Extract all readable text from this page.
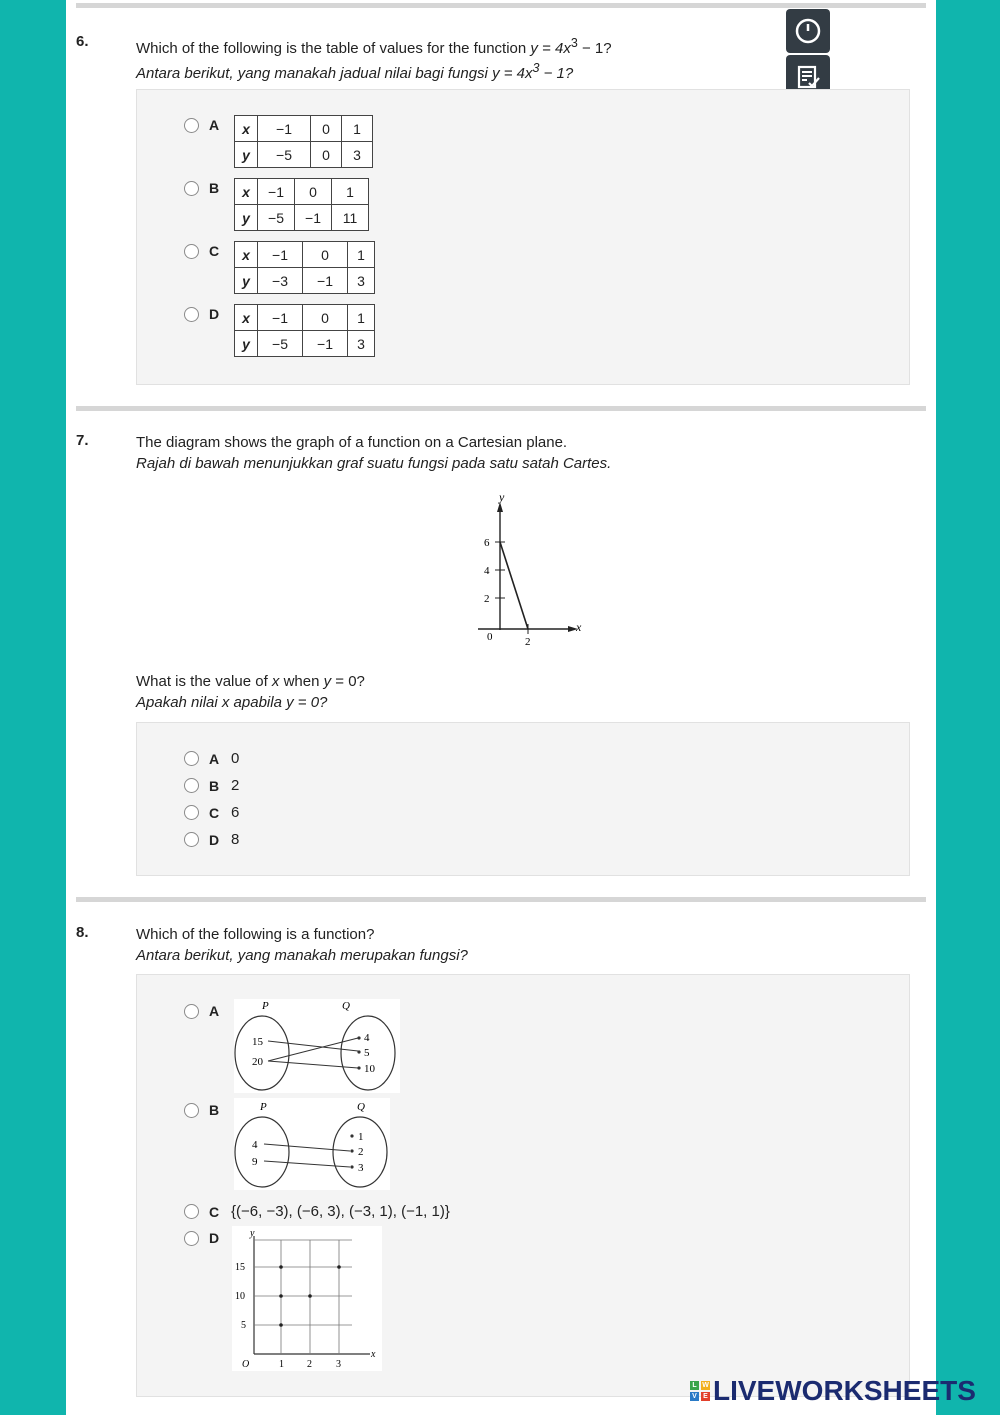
6.	Which of the following is the table of values for the function $y = 4x^3 - 1$?
Antara berikut, yang manakah jadual nilai bagi fungsi $y = 4x^3 - 1$?
A x	−1	0	1
y	−5	0	3
B x	−1	0	1
y	−5	−1	11
C x	−1	0	1
y	−3	−1	3
D x	−1	0	1
y	−5	−1	3
7.	The diagram shows the graph of a function on a Cartesian plane.
Rajah di bawah menunjukkan graf suatu fungsi pada satu satah Cartes.
y
x
6
4
2
0	2
What is the value of x when y = 0?
Apakah nilai x apabila y = 0?
A 0
B 2
C 6
D 8
8.	Which of the following is a function?
Antara berikut, yang manakah merupakan fungsi?
A	P	Q
15
20
4
5
10
B	P	Q
4
9
1
2
3
C {(−6, −3), (−6, 3), (−3, 1), (−1, 1)}
D	y
x
O
15
10
5
1 2 3
L W
V E LIVEWORKSHEETS
